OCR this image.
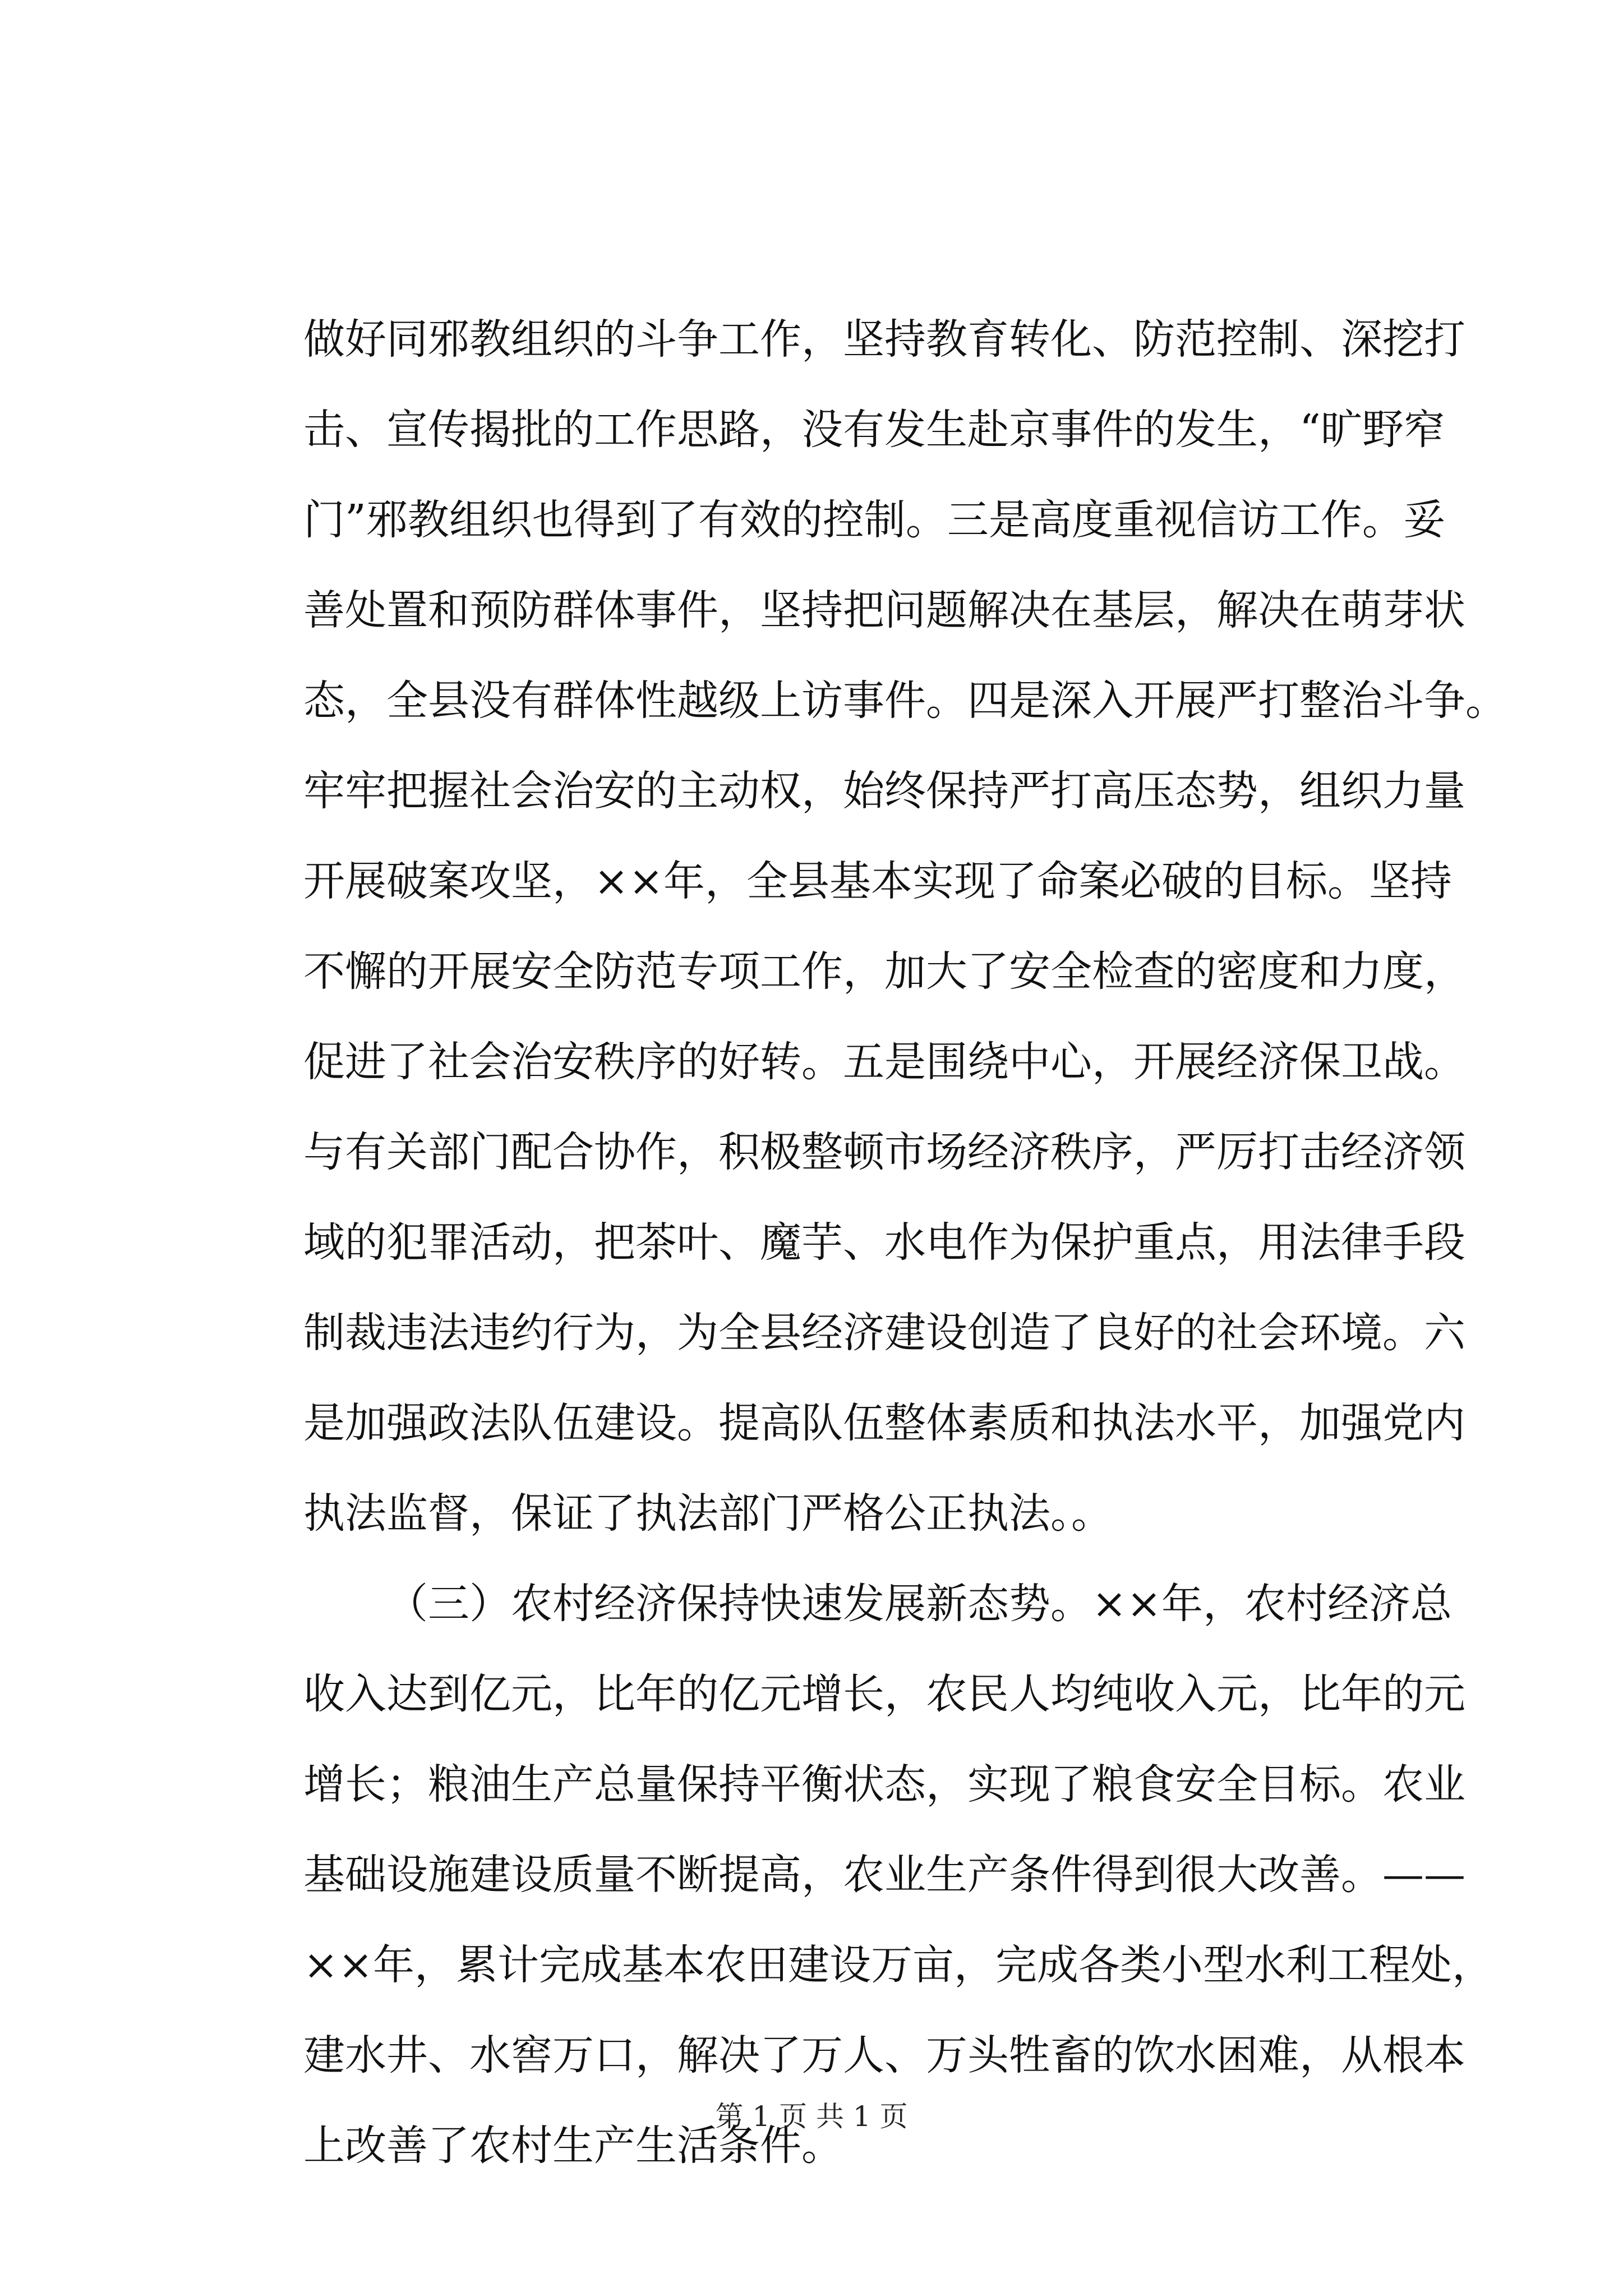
做好同邪教组织的斗争工作，坚持教育转化、防范控制、深挖打
击、宣传揭批的工作思路，没有发生赴京事件的发生，“旷野窄
门”邪教组织也得到了有效的控制。三是高度重视信访工作。妥
善处置和预防群体事件，坚持把问题解决在基层，解决在萌芽状
态，全县没有群体性越级上访事件。四是深入开展严打整治斗争。
牢牢把握社会治安的主动权，始终保持严打高压态势，组织力量
开展破案攻坚，××年，全县基本实现了命案必破的目标。坚持
不懈的开展安全防范专项工作，加大了安全检查的密度和力度，
促进了社会治安秩序的好转。五是围绕中心，开展经济保卫战。
与有关部门配合协作，积极整顿市场经济秩序，严厉打击经济领
域的犯罪活动，把茶叶、魔芋、水电作为保护重点，用法律手段
制裁违法违约行为，为全县经济建设创造了良好的社会环境。六
是加强政法队伍建设。提高队伍整体素质和执法水平，加强党内
执法监督，保证了执法部门严格公正执法。。
（三）农村经济保持快速发展新态势。××年，农村经济总
收入达到亿元，比年的亿元增长，农民人均纯收入元，比年的元
增长；粮油生产总量保持平衡状态，实现了粮食安全目标。农业
基础设施建设质量不断提高，农业生产条件得到很大改善。——
××年，累计完成基本农田建设万亩，完成各类小型水利工程处，
建水井、水窖万口，解决了万人、万头牲畜的饮水困难，从根本
上改善了农村生产生活条件。
第 1 页 共 1 页
